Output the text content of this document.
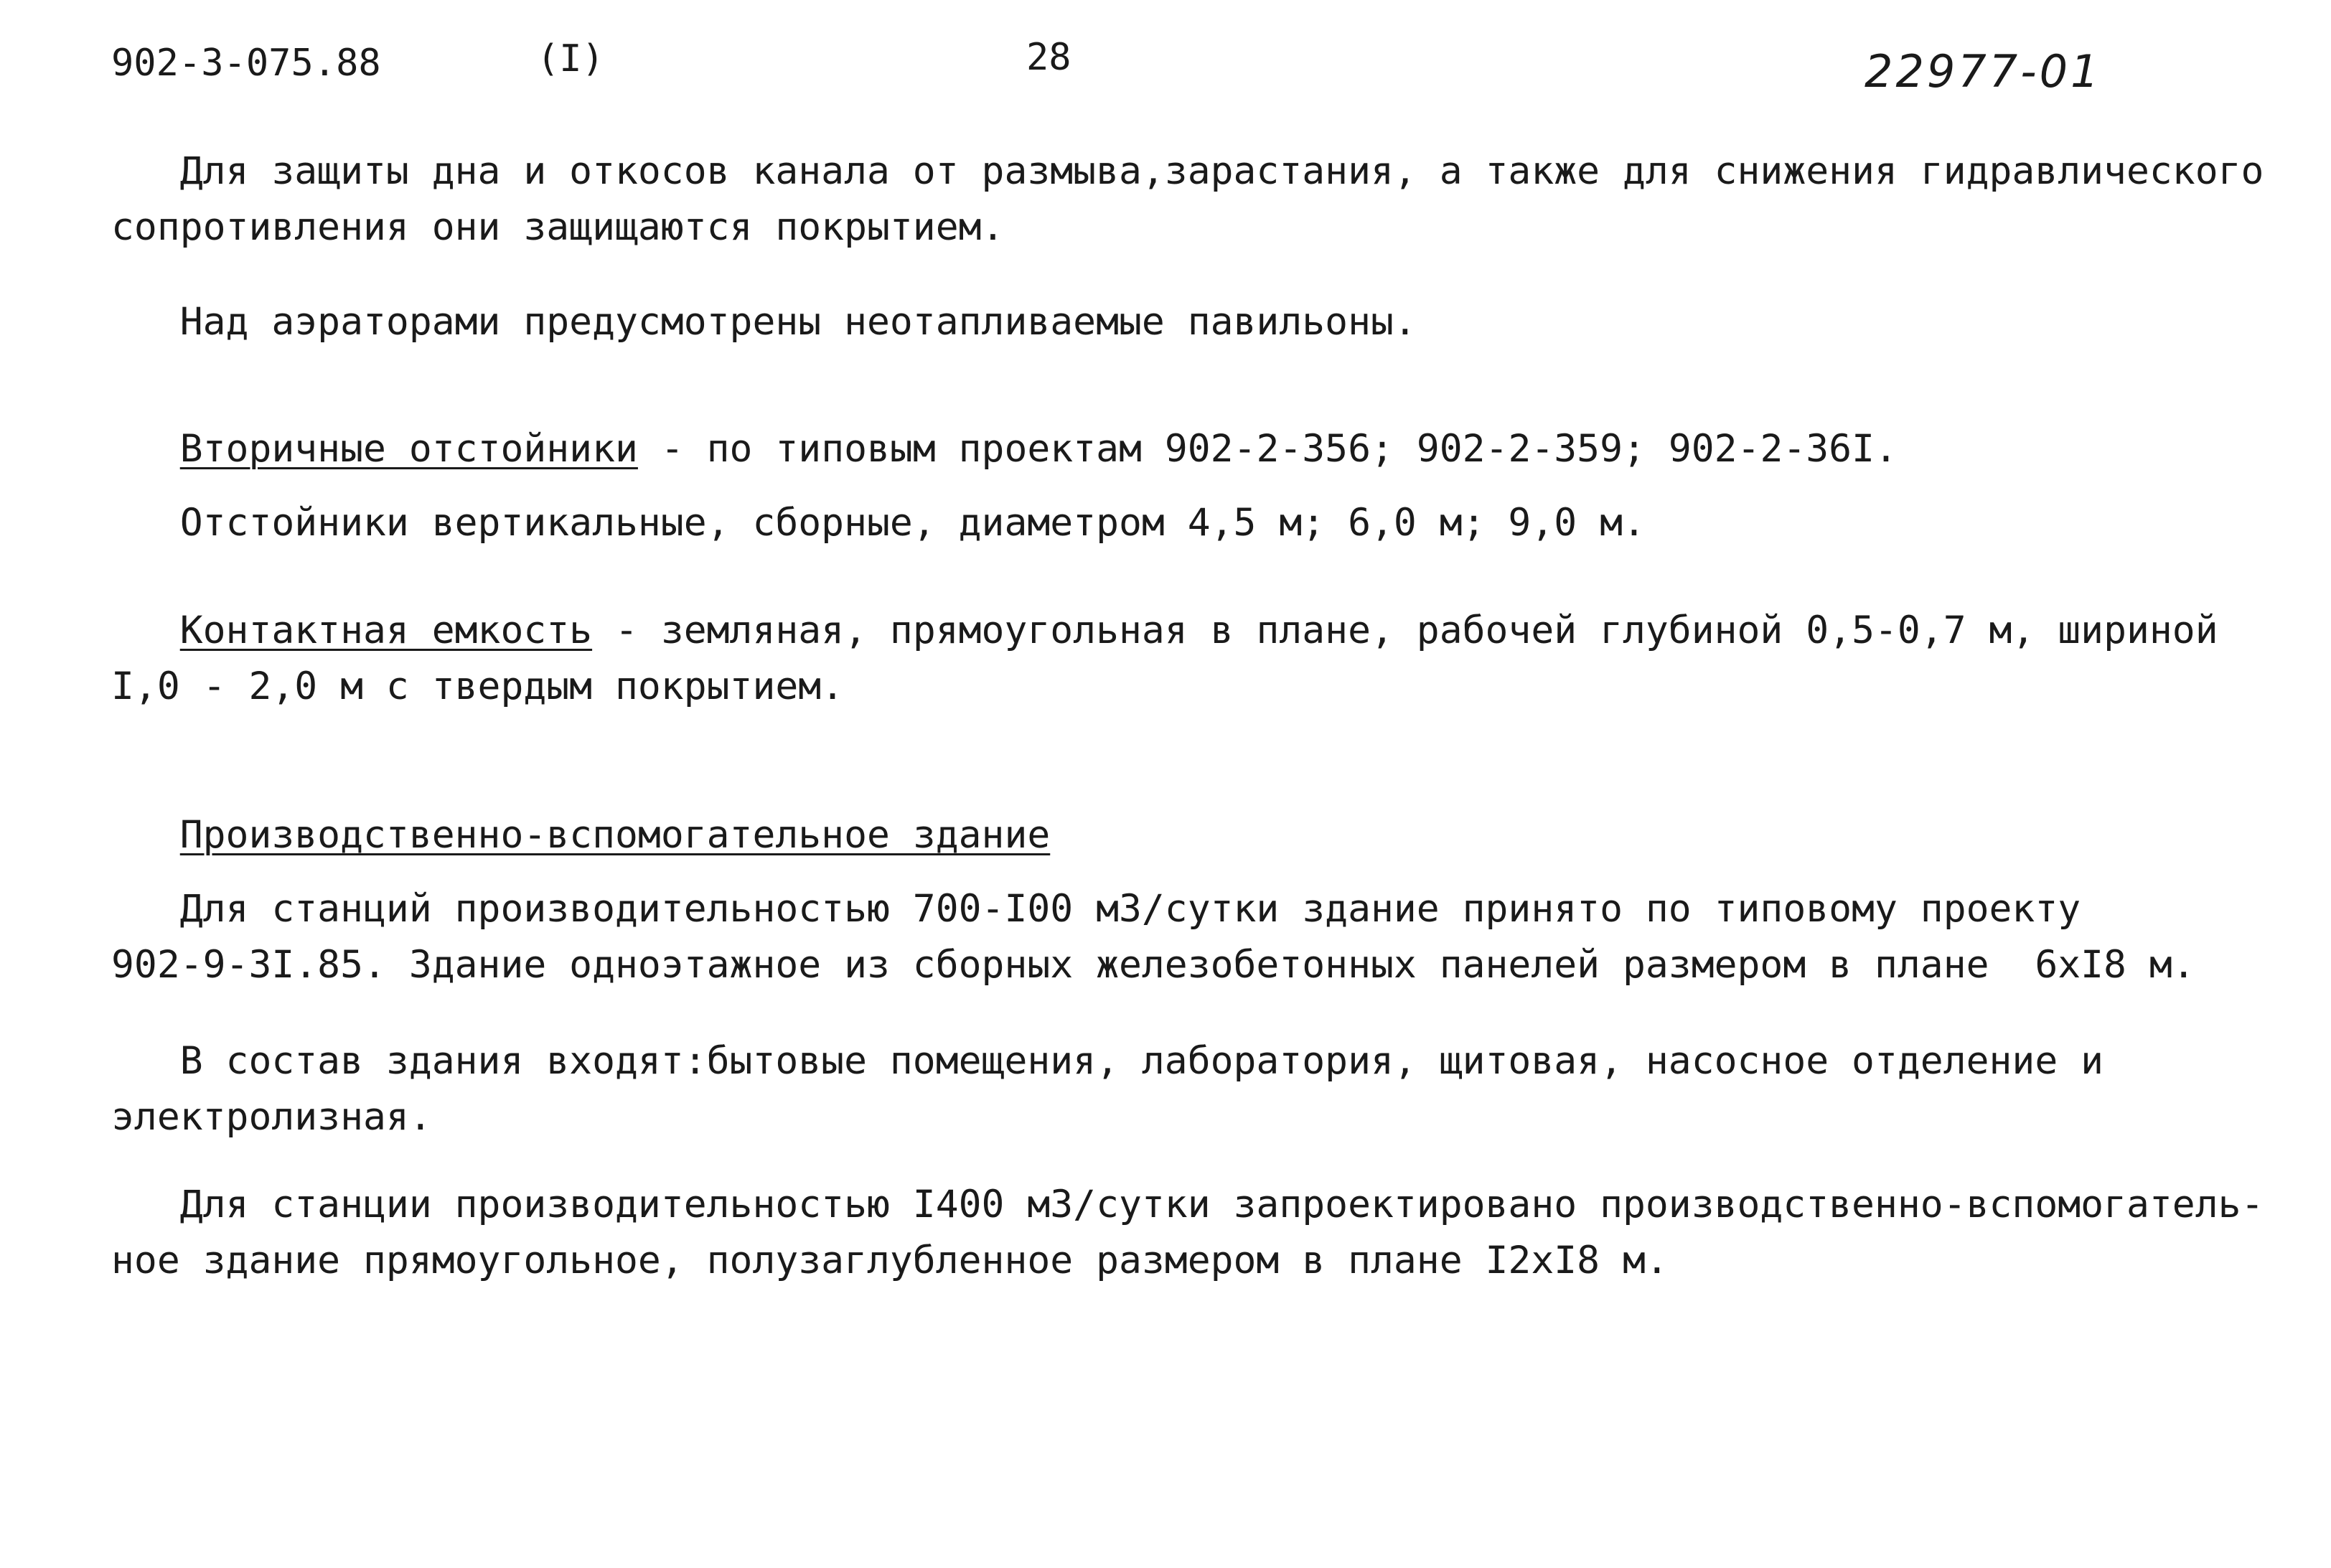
902-3-075.88	(I)	28	22977-01
Для защиты дна и откосов канала от размыва,зарастания, а также для снижения гидравлического
сопротивления они защищаются покрытием.
Над аэраторами предусмотрены неотапливаемые павильоны.
Вторичные отстойники - по типовым проектам 902-2-356; 902-2-359; 902-2-36I.
Отстойники вертикальные, сборные, диаметром 4,5 м; 6,0 м; 9,0 м.
Контактная емкость - земляная, прямоугольная в плане, рабочей глубиной 0,5-0,7 м, шириной
I,0 - 2,0 м с твердым покрытием.
Производственно-вспомогательное здание
Для станций производительностью 700-I00 м3/сутки здание принято по типовому проекту
902-9-3I.85. Здание одноэтажное из сборных железобетонных панелей размером в плане  6хI8 м.
В состав здания входят:бытовые помещения, лаборатория, щитовая, насосное отделение и
электролизная.
Для станции производительностью I400 м3/сутки запроектировано производственно-вспомогатель-
ное здание прямоугольное, полузаглубленное размером в плане I2хI8 м.
